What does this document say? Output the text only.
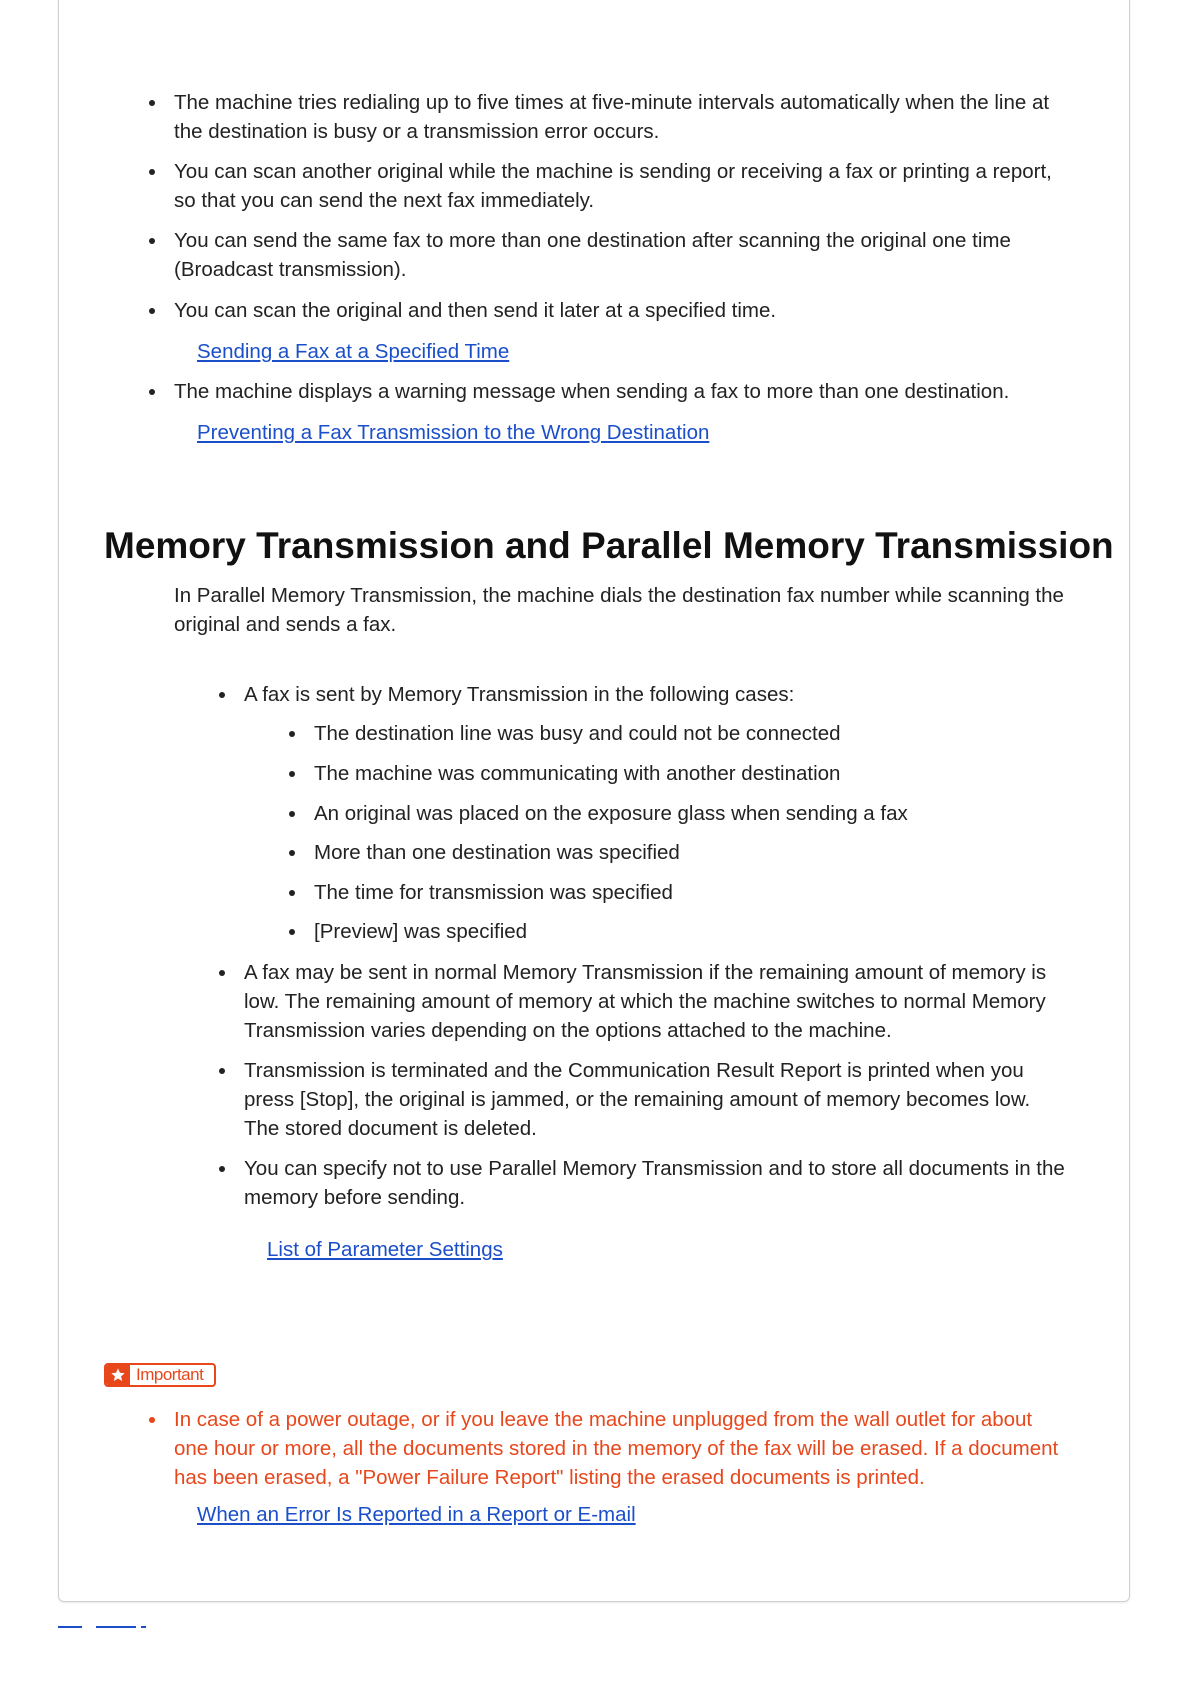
The machine tries redialing up to five times at five-minute intervals automatically when the line at
the destination is busy or a transmission error occurs.
You can scan another original while the machine is sending or receiving a fax or printing a report,
so that you can send the next fax immediately.
You can send the same fax to more than one destination after scanning the original one time
(Broadcast transmission).
You can scan the original and then send it later at a specified time.
Sending a Fax at a Specified Time
The machine displays a warning message when sending a fax to more than one destination.
Preventing a Fax Transmission to the Wrong Destination
Memory Transmission and Parallel Memory Transmission
In Parallel Memory Transmission, the machine dials the destination fax number while scanning the
original and sends a fax.
A fax is sent by Memory Transmission in the following cases:
The destination line was busy and could not be connected
The machine was communicating with another destination
An original was placed on the exposure glass when sending a fax
More than one destination was specified
The time for transmission was specified
[Preview] was specified
A fax may be sent in normal Memory Transmission if the remaining amount of memory is
low. The remaining amount of memory at which the machine switches to normal Memory
Transmission varies depending on the options attached to the machine.
Transmission is terminated and the Communication Result Report is printed when you
press [Stop], the original is jammed, or the remaining amount of memory becomes low.
The stored document is deleted.
You can specify not to use Parallel Memory Transmission and to store all documents in the
memory before sending.
List of Parameter Settings
Important
In case of a power outage, or if you leave the machine unplugged from the wall outlet for about
one hour or more, all the documents stored in the memory of the fax will be erased. If a document
has been erased, a "Power Failure Report" listing the erased documents is printed.
When an Error Is Reported in a Report or E-mail
